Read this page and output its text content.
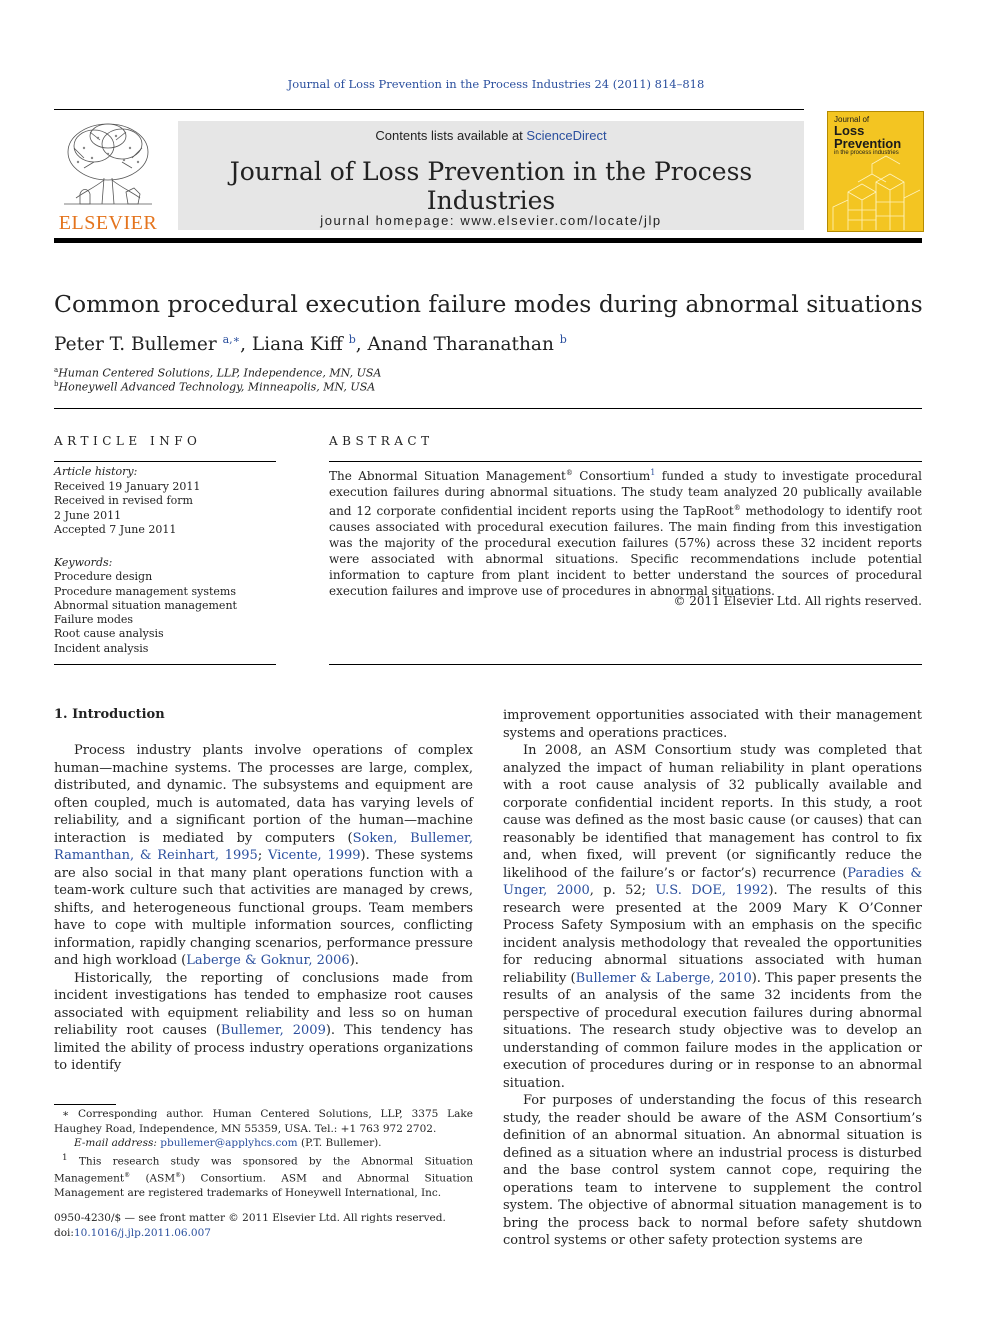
Journal of Loss Prevention in the Process Industries 24 (2011) 814–818
ELSEVIER
Contents lists available at ScienceDirect
Journal of Loss Prevention in the Process Industries
journal homepage: www.elsevier.com/locate/jlp
Journal of
Loss
Prevention
in the process industries
Common procedural execution failure modes during abnormal situations
Peter T. Bullemer $^{a,∗}$, Liana Kiff $^b$, Anand Tharanathan $^b$
$^a$Human Centered Solutions, LLP, Independence, MN, USA
$^b$Honeywell Advanced Technology, Minneapolis, MN, USA
ARTICLE INFO
Article history:
Received 19 January 2011
Received in revised form
2 June 2011
Accepted 7 June 2011
Keywords:
Procedure design
Procedure management systems
Abnormal situation management
Failure modes
Root cause analysis
Incident analysis
ABSTRACT
The Abnormal Situation Management® Consortium$^1$ funded a study to investigate procedural execution failures during abnormal situations. The study team analyzed 20 publically available and 12 corporate confidential incident reports using the TapRoot® methodology to identify root causes associated with procedural execution failures. The main finding from this investigation was the majority of the procedural execution failures (57%) across these 32 incident reports were associated with abnormal situations. Specific recommendations include potential information to capture from plant incident to better understand the sources of procedural execution failures and improve use of procedures in abnormal situations.
© 2011 Elsevier Ltd. All rights reserved.
1. Introduction

Process industry plants involve operations of complex human—machine systems. The processes are large, complex, distributed, and dynamic. The subsystems and equipment are often coupled, much is automated, data has varying levels of reliability, and a significant portion of the human—machine interaction is mediated by computers (Soken, Bullemer, Ramanthan, & Reinhart, 1995; Vicente, 1999). These systems are also social in that many plant operations function with a team-work culture such that activities are managed by crews, shifts, and heterogeneous functional groups. Team members have to cope with multiple information sources, conflicting information, rapidly changing scenarios, performance pressure and high workload (Laberge & Goknur, 2006).

Historically, the reporting of conclusions made from incident investigations has tended to emphasize root causes associated with equipment reliability and less so on human reliability root causes (Bullemer, 2009). This tendency has limited the ability of process industry operations organizations to identify

improvement opportunities associated with their management systems and operations practices.

In 2008, an ASM Consortium study was completed that analyzed the impact of human reliability in plant operations with a root cause analysis of 32 publically available and corporate confidential incident reports. In this study, a root cause was defined as the most basic cause (or causes) that can reasonably be identified that management has control to fix and, when fixed, will prevent (or significantly reduce the likelihood of the failure’s or factor’s) recurrence (Paradies & Unger, 2000, p. 52; U.S. DOE, 1992). The results of this research were presented at the 2009 Mary K O’Conner Process Safety Symposium with an emphasis on the specific incident analysis methodology that revealed the opportunities for reducing abnormal situations associated with human reliability (Bullemer & Laberge, 2010). This paper presents the results of an analysis of the same 32 incidents from the perspective of procedural execution failures during abnormal situations. The research study objective was to develop an understanding of common failure modes in the application or execution of procedures during or in response to an abnormal situation.

For purposes of understanding the focus of this research study, the reader should be aware of the ASM Consortium’s definition of an abnormal situation. An abnormal situation is defined as a situation where an industrial process is disturbed and the base control system cannot cope, requiring the operations team to intervene to supplement the control system. The objective of abnormal situation management is to bring the process back to normal before safety shutdown control systems or other safety protection systems are

∗ Corresponding author. Human Centered Solutions, LLP, 3375 Lake Haughey Road, Independence, MN 55359, USA. Tel.: +1 763 972 2702.

E-mail address: pbullemer@applyhcs.com (P.T. Bullemer).

$^1$ This research study was sponsored by the Abnormal Situation Management® (ASM®) Consortium. ASM and Abnormal Situation Management are registered trademarks of Honeywell International, Inc.

0950-4230/$ — see front matter © 2011 Elsevier Ltd. All rights reserved.
doi:10.1016/j.jlp.2011.06.007
